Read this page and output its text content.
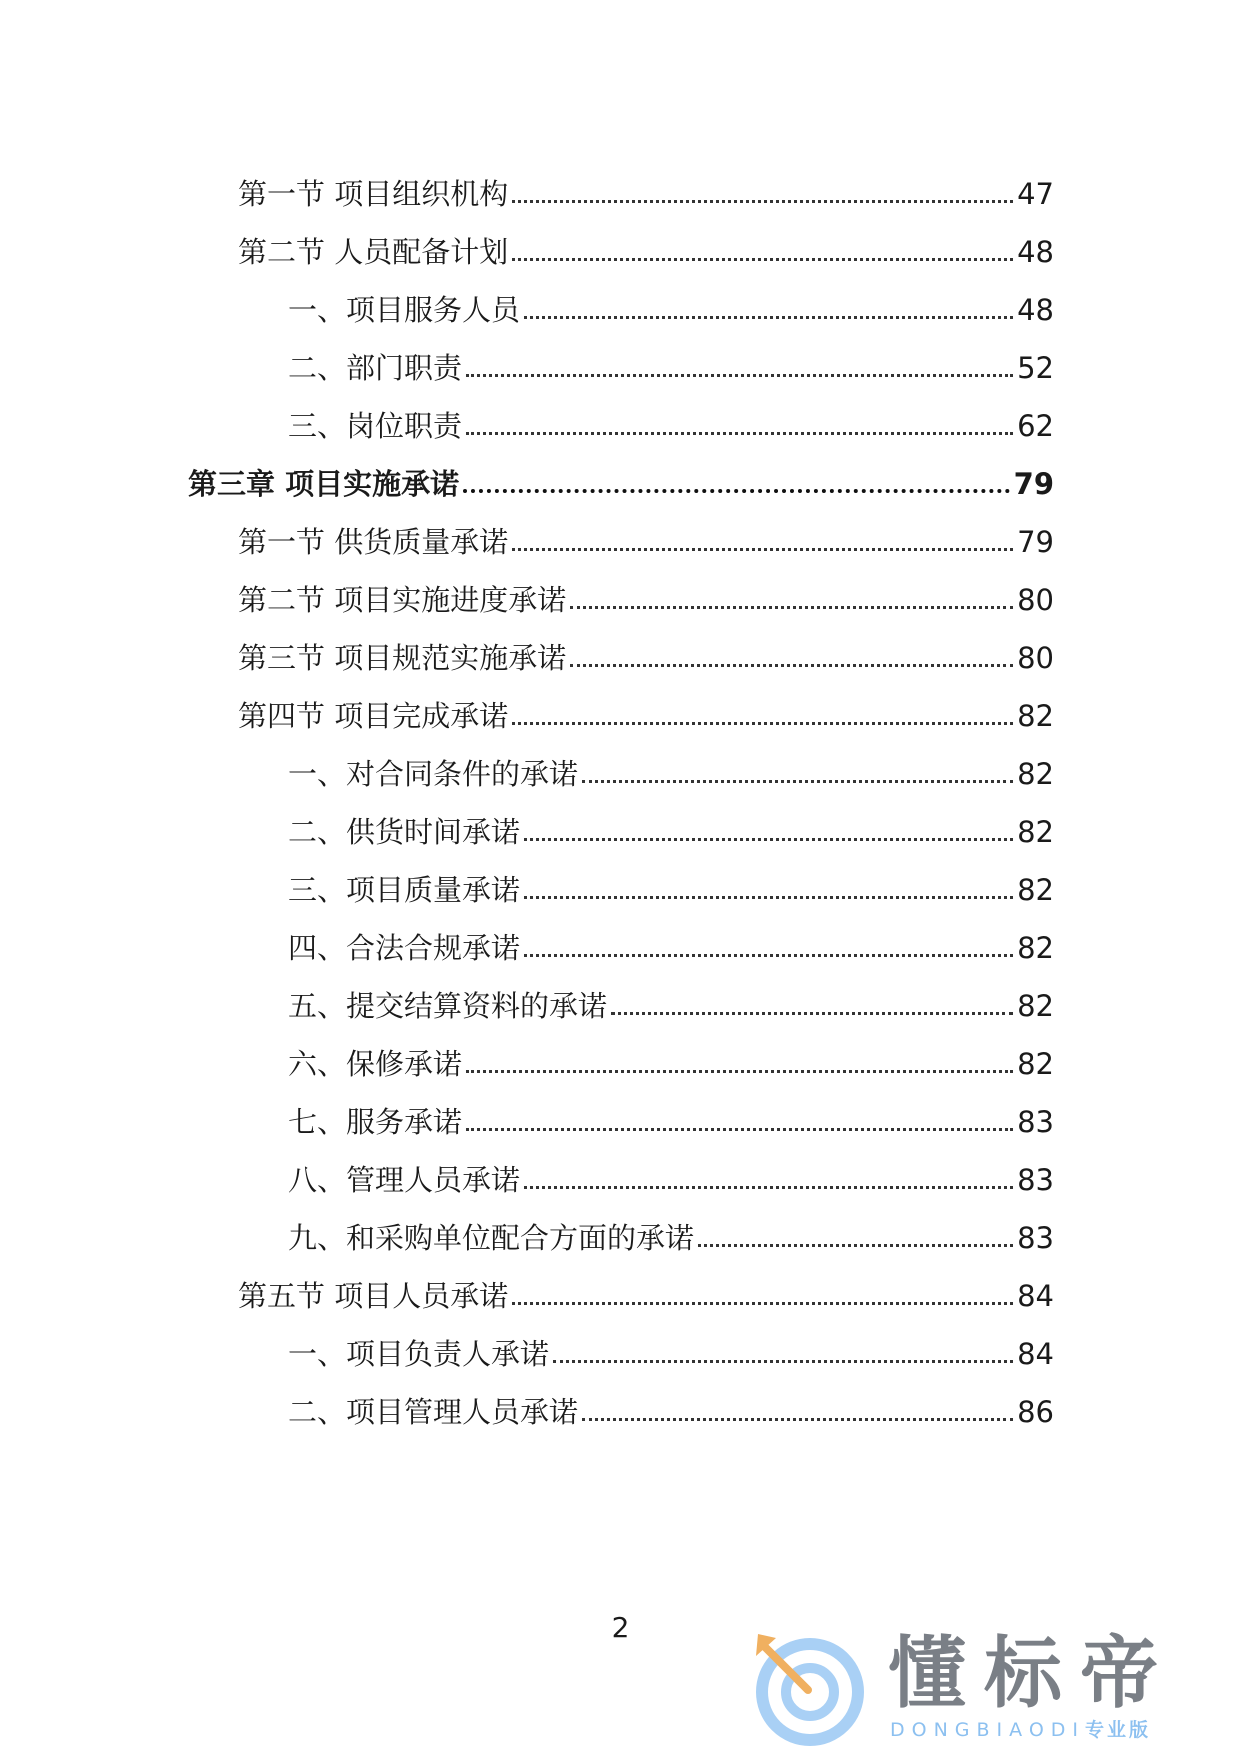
第一节 项目组织机构	47
第二节 人员配备计划	48
一、项目服务人员	48
二、部门职责	52
三、岗位职责	62
第三章 项目实施承诺	79
第一节 供货质量承诺	79
第二节 项目实施进度承诺	80
第三节 项目规范实施承诺	80
第四节 项目完成承诺	82
一、对合同条件的承诺	82
二、供货时间承诺	82
三、项目质量承诺	82
四、合法合规承诺	82
五、提交结算资料的承诺	82
六、保修承诺	82
七、服务承诺	83
八、管理人员承诺	83
九、和采购单位配合方面的承诺	83
第五节 项目人员承诺	84
一、项目负责人承诺	84
二、项目管理人员承诺	86
2
懂标帝
DONGBIAODI专业版
